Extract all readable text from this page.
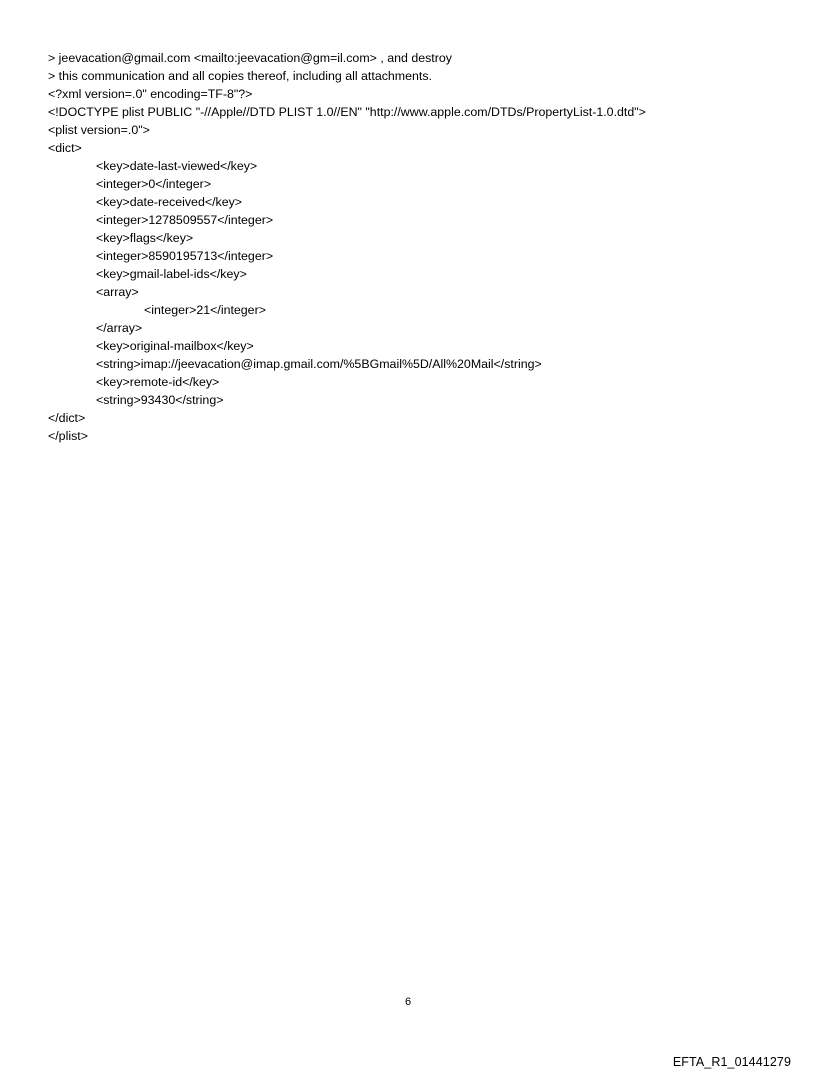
> jeevacation@gmail.com <mailto:jeevacation@gm=il.com> , and destroy
> this communication and all copies thereof, including all attachments.
<?xml version=.0" encoding=TF-8"?>
<!DOCTYPE plist PUBLIC "-//Apple//DTD PLIST 1.0//EN" "http://www.apple.com/DTDs/PropertyList-1.0.dtd">
<plist version=.0">
<dict>
<key>date-last-viewed</key>
<integer>0</integer>
<key>date-received</key>
<integer>1278509557</integer>
<key>flags</key>
<integer>8590195713</integer>
<key>gmail-label-ids</key>
<array>
<integer>21</integer>
</array>
<key>original-mailbox</key>
<string>imap://jeevacation@imap.gmail.com/%5BGmail%5D/All%20Mail</string>
<key>remote-id</key>
<string>93430</string>
</dict>
</plist>
6
EFTA_R1_01441279
